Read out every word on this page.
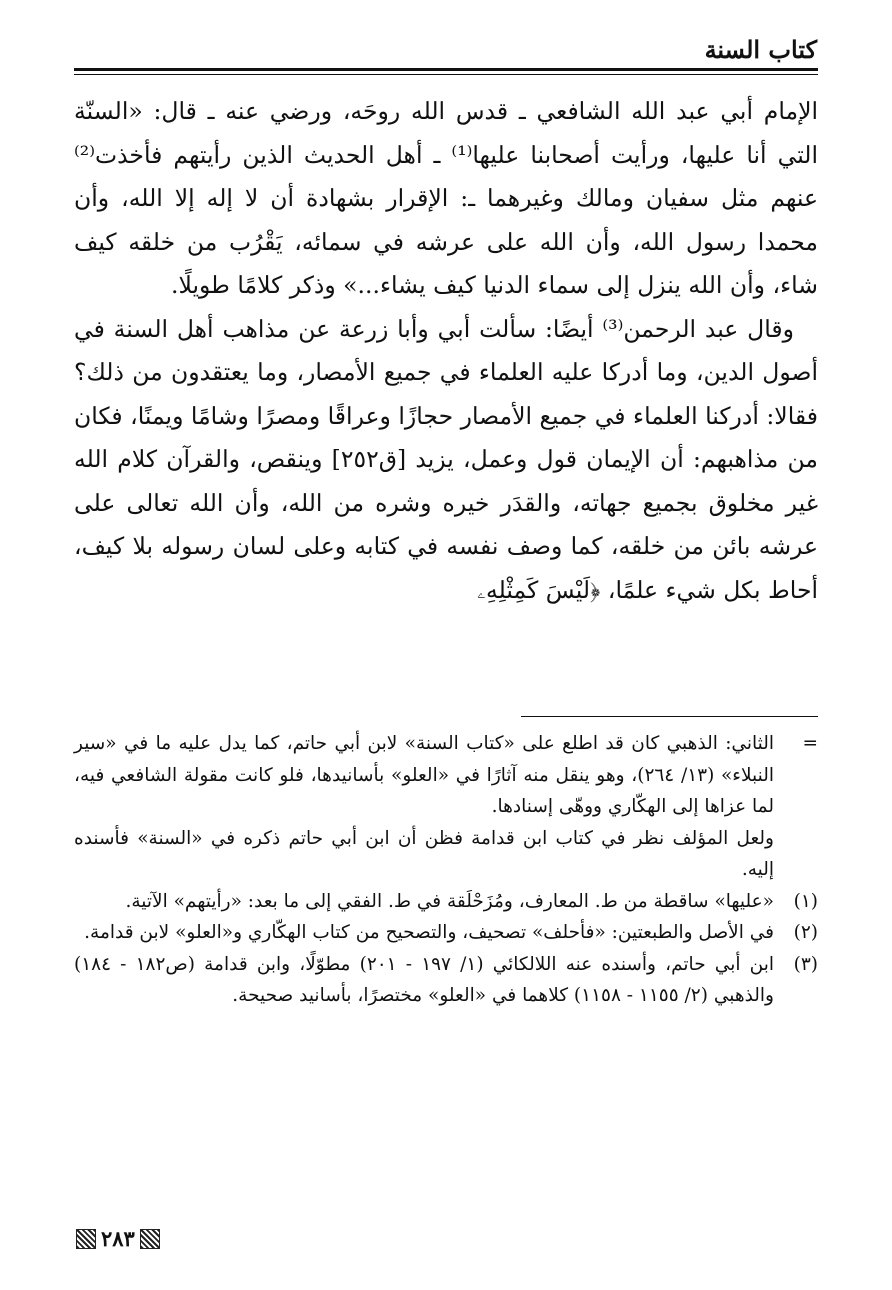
كتاب السنة

الإمام أبي عبد الله الشافعي ـ قدس الله روحَه، ورضي عنه ـ قال: «السنّة التي أنا عليها، ورأيت أصحابنا عليها⁽¹⁾ ـ أهل الحديث الذين رأيتهم فأخذت⁽²⁾ عنهم مثل سفيان ومالك وغيرهما ـ: الإقرار بشهادة أن لا إله إلا الله، وأن محمدا رسول الله، وأن الله على عرشه في سمائه، يَقْرُب من خلقه كيف شاء، وأن الله ينزل إلى سماء الدنيا كيف يشاء...» وذكر كلامًا طويلًا.

وقال عبد الرحمن⁽³⁾ أيضًا: سألت أبي وأبا زرعة عن مذاهب أهل السنة في أصول الدين، وما أدركا عليه العلماء في جميع الأمصار، وما يعتقدون من ذلك؟ فقالا: أدركنا العلماء في جميع الأمصار حجازًا وعراقًا ومصرًا وشامًا ويمنًا، فكان من مذاهبهم: أن الإيمان قول وعمل، يزيد [ق٢٥٢] وينقص، والقرآن كلام الله غير مخلوق بجميع جهاته، والقدَر خيره وشره من الله، وأن الله تعالى على عرشه بائن من خلقه، كما وصف نفسه في كتابه وعلى لسان رسوله بلا كيف، أحاط بكل شيء علمًا، ﴿لَيْسَ كَمِثْلِهِۦ

=

الثاني: الذهبي كان قد اطلع على «كتاب السنة» لابن أبي حاتم، كما يدل عليه ما في «سير النبلاء» (١٣/ ٢٦٤)، وهو ينقل منه آثارًا في «العلو» بأسانيدها، فلو كانت مقولة الشافعي فيه، لما عزاها إلى الهكّاري ووهّى إسنادها.

ولعل المؤلف نظر في كتاب ابن قدامة فظن أن ابن أبي حاتم ذكره في «السنة» فأسنده إليه.

(١)

«عليها» ساقطة من ط. المعارف، ومُزَحْلَقة في ط. الفقي إلى ما بعد: «رأيتهم» الآتية.

(٢)

في الأصل والطبعتين: «فأحلف» تصحيف، والتصحيح من كتاب الهكّاري و«العلو» لابن قدامة.

(٣)

ابن أبي حاتم، وأسنده عنه اللالكائي (١/ ١٩٧ - ٢٠١) مطوّلًا، وابن قدامة (ص١٨٢ - ١٨٤) والذهبي (٢/ ١١٥٥ - ١١٥٨) كلاهما في «العلو» مختصرًا، بأسانيد صحيحة.

٢٨٣
